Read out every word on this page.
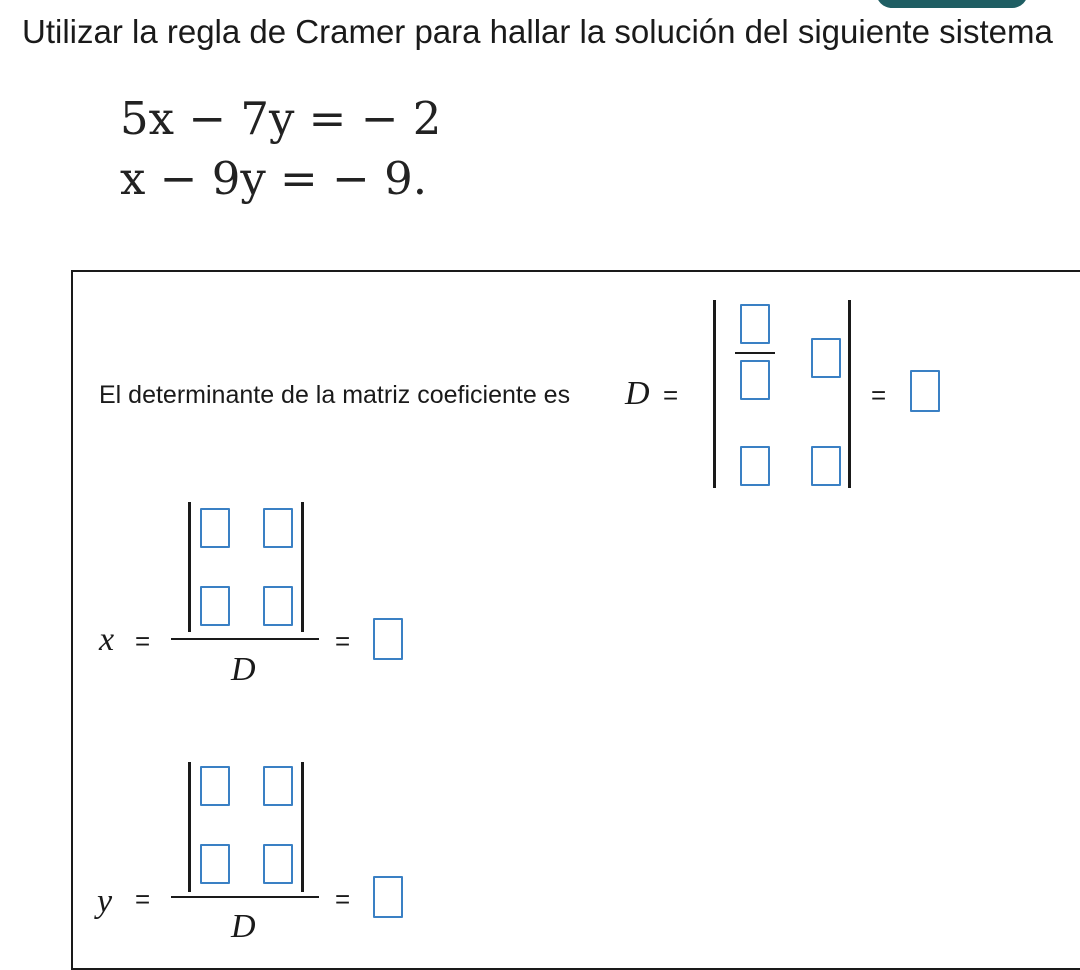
Utilizar la regla de Cramer para hallar la solución del siguiente sistema
5x − 7y = − 2
x − 9y = − 9.
El determinante de la matriz coeficiente es D =	=
x =
D
=
y =
D
=
